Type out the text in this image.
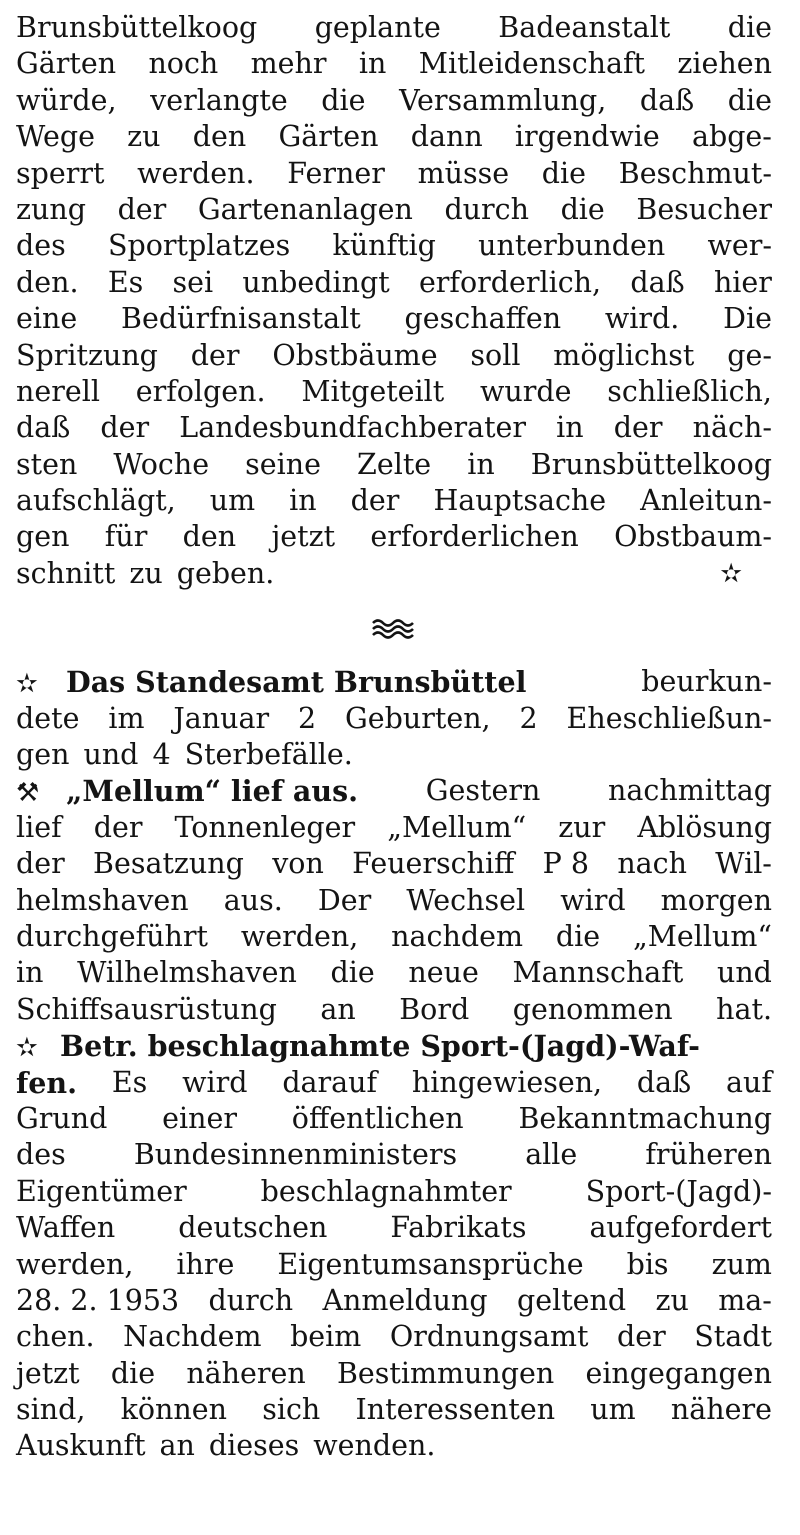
Brunsbüttelkoog geplante Badeanstalt die
Gärten noch mehr in Mitleidenschaft ziehen
würde, verlangte die Versammlung, daß die
Wege zu den Gärten dann irgendwie abge-
sperrt werden. Ferner müsse die Beschmut-
zung der Gartenanlagen durch die Besucher
des Sportplatzes künftig unterbunden wer-
den. Es sei unbedingt erforderlich, daß hier
eine Bedürfnisanstalt geschaffen wird. Die
Spritzung der Obstbäume soll möglichst ge-
nerell erfolgen. Mitgeteilt wurde schließlich,
daß der Landesbundfachberater in der näch-
sten Woche seine Zelte in Brunsbüttelkoog
aufschlägt, um in der Hauptsache Anleitun-
gen für den jetzt erforderlichen Obstbaum-
schnitt zu geben.	✫
✫ Das Standesamt Brunsbüttel	beurkun-
dete im Januar 2 Geburten, 2 Eheschließun-
gen und 4 Sterbefälle.
⚒ „Mellum“ lief aus. Gestern nachmittag
lief der Tonnenleger „Mellum“ zur Ablösung
der Besatzung von Feuerschiff P 8 nach Wil-
helmshaven aus. Der Wechsel wird morgen
durchgeführt werden, nachdem die „Mellum“
in Wilhelmshaven die neue Mannschaft und
Schiffsausrüstung an Bord genommen hat.
✫ Betr. beschlagnahmte Sport-(Jagd)-Waf-
fen. Es wird darauf hingewiesen, daß auf
Grund einer öffentlichen Bekanntmachung
des Bundesinnenministers alle früheren
Eigentümer	beschlagnahmter	Sport-(Jagd)-
Waffen deutschen Fabrikats aufgefordert
werden, ihre Eigentumsansprüche bis zum
28. 2. 1953 durch Anmeldung geltend zu ma-
chen. Nachdem beim Ordnungsamt der Stadt
jetzt die näheren Bestimmungen eingegangen
sind, können sich Interessenten um nähere
Auskunft an dieses wenden.
